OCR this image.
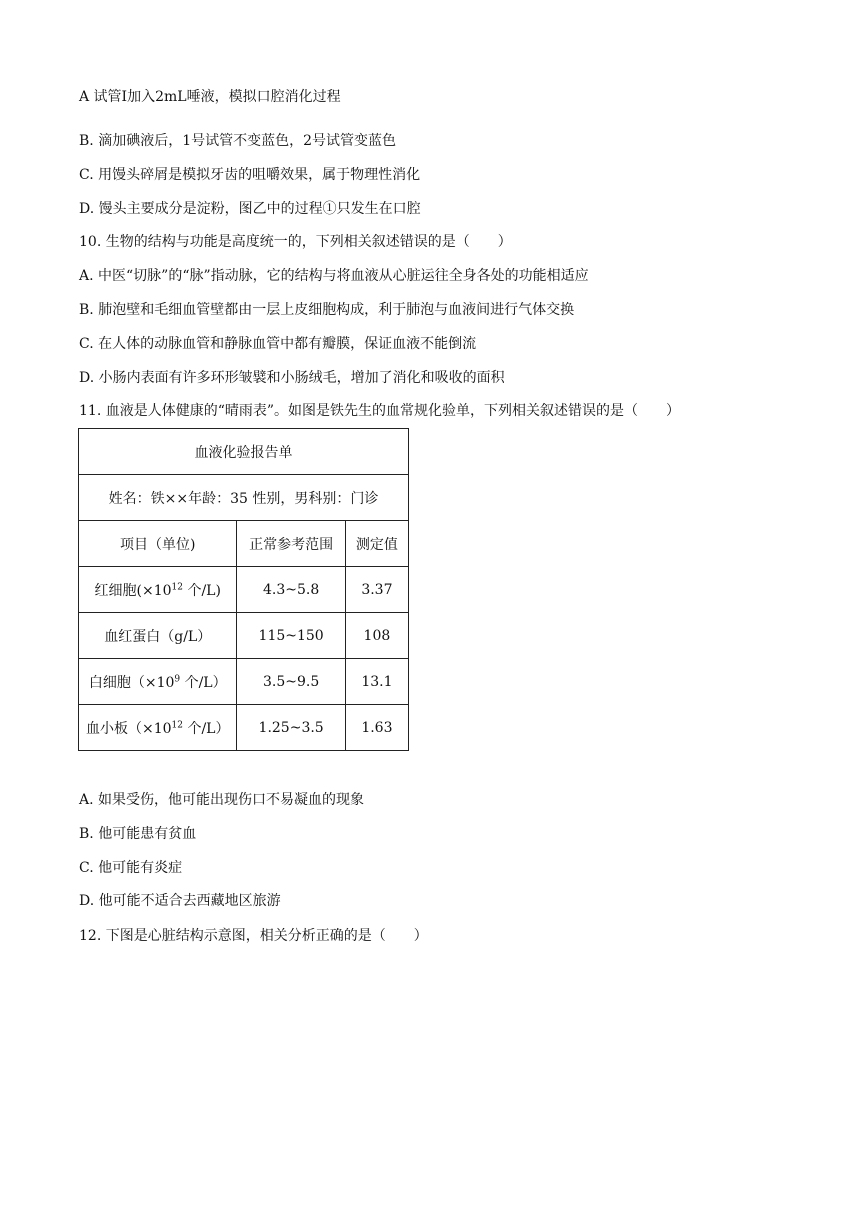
A 试管Ⅰ加入2mL唾液，模拟口腔消化过程
B. 滴加碘液后，1号试管不变蓝色，2号试管变蓝色
C. 用馒头碎屑是模拟牙齿的咀嚼效果，属于物理性消化
D. 馒头主要成分是淀粉，图乙中的过程①只发生在口腔
10. 生物的结构与功能是高度统一的，下列相关叙述错误的是（　　）
A. 中医“切脉”的“脉”指动脉，它的结构与将血液从心脏运往全身各处的功能相适应
B. 肺泡壁和毛细血管壁都由一层上皮细胞构成，利于肺泡与血液间进行气体交换
C. 在人体的动脉血管和静脉血管中都有瓣膜，保证血液不能倒流
D. 小肠内表面有许多环形皱襞和小肠绒毛，增加了消化和吸收的面积
11. 血液是人体健康的“晴雨表”。如图是铁先生的血常规化验单，下列相关叙述错误的是（　　）
血液化验报告单		
姓名：铁××年龄：35 性别，男科别：门诊		
项目（单位)	正常参考范围	测定值
红细胞($\times 10^{12}$ 个/L)	4.3~5.8	3.37
血红蛋白（g/L）	115~150	108
白细胞（$\times 10^9$ 个/L）	3.5~9.5	13.1
血小板（$\times 10^{12}$ 个/L）	1.25~3.5	1.63
A. 如果受伤，他可能出现伤口不易凝血的现象
B. 他可能患有贫血
C. 他可能有炎症
D. 他可能不适合去西藏地区旅游
12. 下图是心脏结构示意图，相关分析正确的是（　　）
